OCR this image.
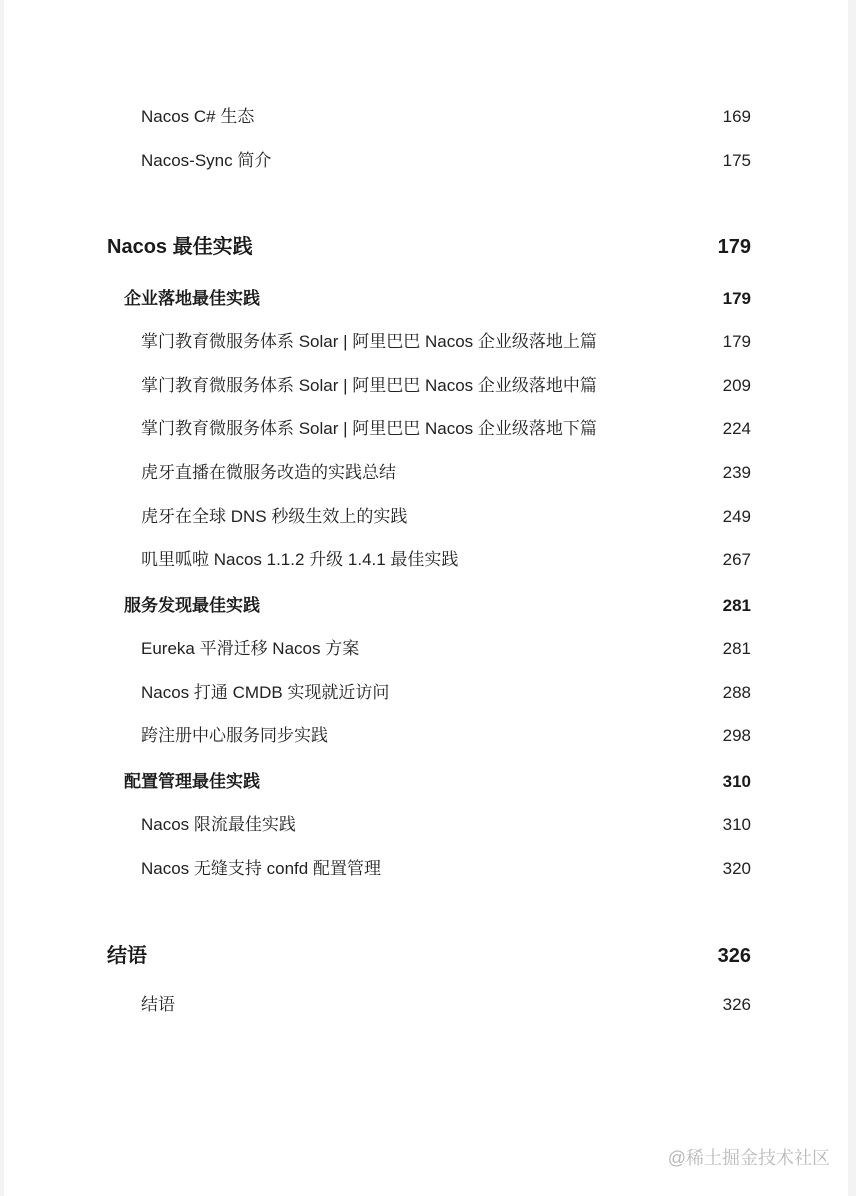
Nacos C# 生态	169
Nacos-Sync 简介	175
Nacos 最佳实践	179
企业落地最佳实践	179
掌门教育微服务体系 Solar | 阿里巴巴 Nacos 企业级落地上篇	179
掌门教育微服务体系 Solar | 阿里巴巴 Nacos 企业级落地中篇	209
掌门教育微服务体系 Solar | 阿里巴巴 Nacos 企业级落地下篇	224
虎牙直播在微服务改造的实践总结	239
虎牙在全球 DNS 秒级生效上的实践	249
叽里呱啦 Nacos 1.1.2 升级 1.4.1 最佳实践	267
服务发现最佳实践	281
Eureka 平滑迁移 Nacos 方案	281
Nacos 打通 CMDB 实现就近访问	288
跨注册中心服务同步实践	298
配置管理最佳实践	310
Nacos 限流最佳实践	310
Nacos 无缝支持 confd 配置管理	320
结语	326
结语	326
@稀土掘金技术社区
